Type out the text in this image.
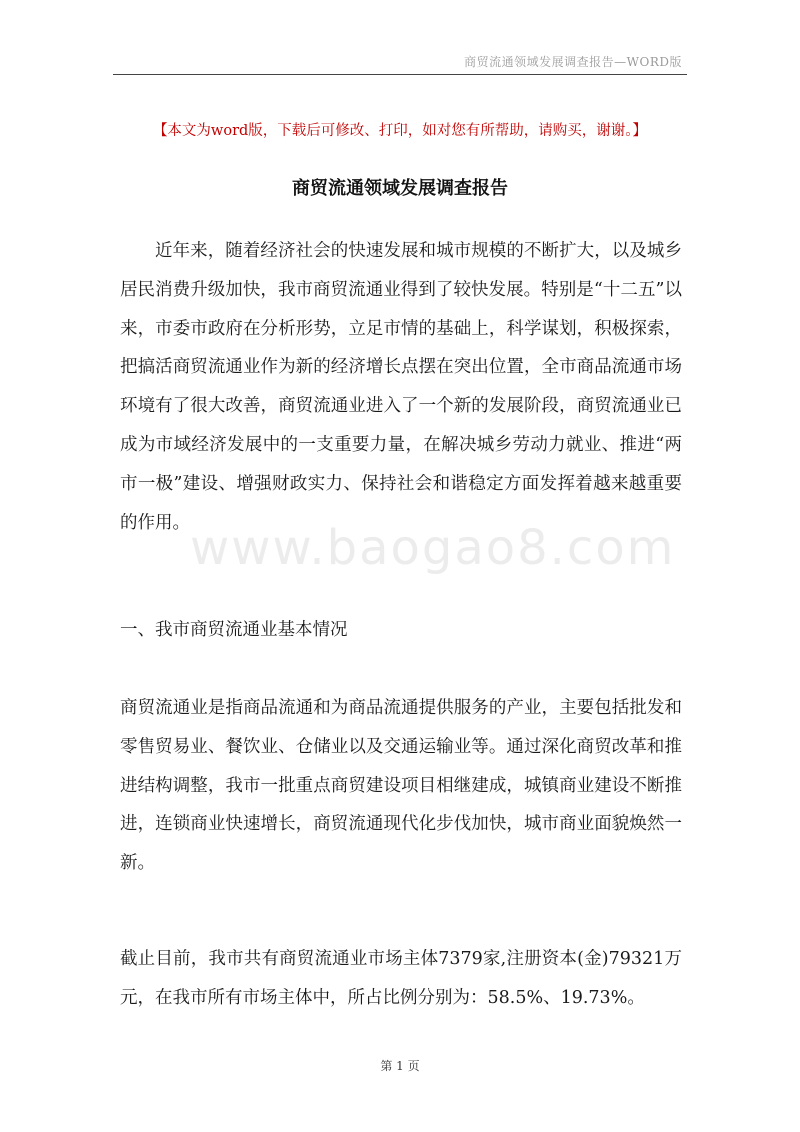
商贸流通领域发展调查报告—WORD版
【本文为word版，下载后可修改、打印，如对您有所帮助，请购买，谢谢。】
商贸流通领域发展调查报告

近年来，随着经济社会的快速发展和城市规模的不断扩大，以及城乡居民消费升级加快，我市商贸流通业得到了较快发展。特别是“十二五”以来，市委市政府在分析形势，立足市情的基础上，科学谋划，积极探索，把搞活商贸流通业作为新的经济增长点摆在突出位置，全市商品流通市场环境有了很大改善，商贸流通业进入了一个新的发展阶段，商贸流通业已成为市域经济发展中的一支重要力量，在解决城乡劳动力就业、推进“两市一极”建设、增强财政实力、保持社会和谐稳定方面发挥着越来越重要的作用。 www.baogao8.com

一、我市商贸流通业基本情况

商贸流通业是指商品流通和为商品流通提供服务的产业，主要包括批发和零售贸易业、餐饮业、仓储业以及交通运输业等。通过深化商贸改革和推进结构调整，我市一批重点商贸建设项目相继建成，城镇商业建设不断推进，连锁商业快速增长，商贸流通现代化步伐加快，城市商业面貌焕然一新。

截止目前，我市共有商贸流通业市场主体7379家,注册资本(金)79321万元，在我市所有市场主体中，所占比例分别为：58.5%、19.73%。

第 1 页
